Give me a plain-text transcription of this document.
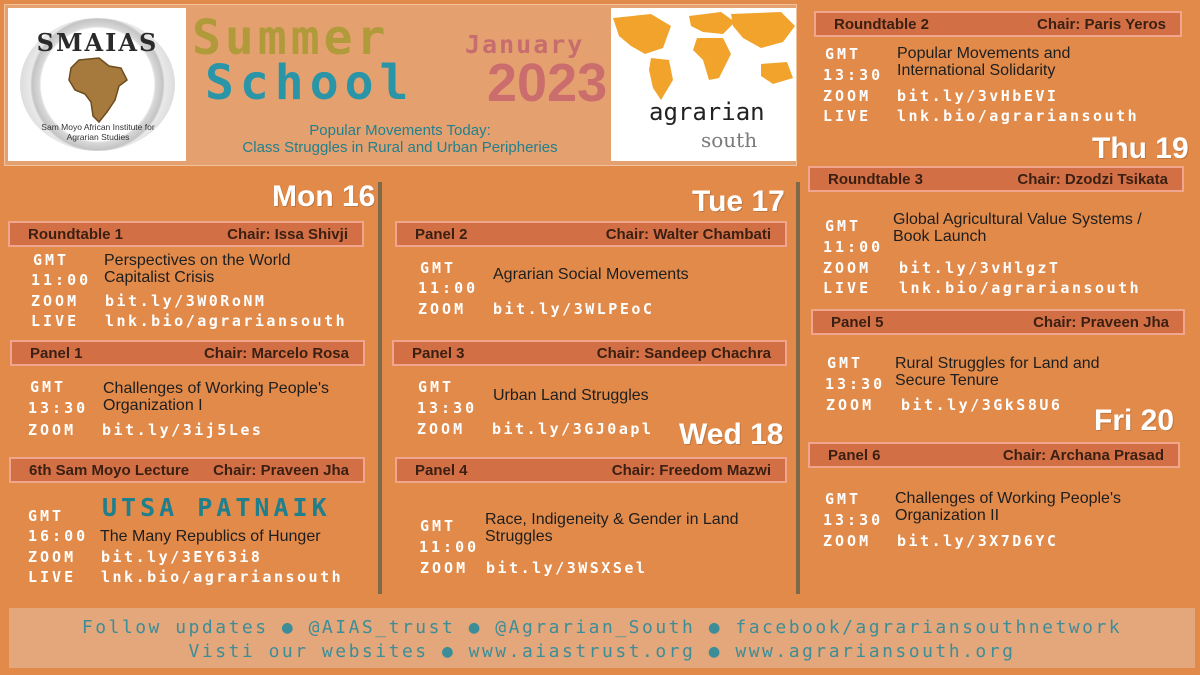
SMAIAS
Sam Moyo African Institute for Agrarian Studies
Summer
School
January
2023
Popular Movements Today:
Class Struggles in Rural and Urban Peripheries
agrarian
south
Mon 16	Tue 17
Wed 18
Thu 19
Fri 20
Roundtable 1	Chair: Issa Shivji
GMT
11:00
Perspectives on the World
Capitalist Crisis
ZOOM bit.ly/3W0RoNM
LIVE lnk.bio/agrariansouth
Panel 1	Chair: Marcelo Rosa
GMT
13:30
Challenges of Working People's
Organization I
ZOOM bit.ly/3ij5Les
6th Sam Moyo Lecture Chair: Praveen Jha
UTSA PATNAIK
GMT
16:00 The Many Republics of Hunger
ZOOM bit.ly/3EY63i8
LIVE lnk.bio/agrariansouth
Panel 2	Chair: Walter Chambati
GMT
11:00
Agrarian Social Movements
ZOOM bit.ly/3WLPEoC
Panel 3	Chair: Sandeep Chachra
GMT
13:30
Urban Land Struggles
ZOOM bit.ly/3GJ0apl
Panel 4	Chair: Freedom Mazwi
GMT
11:00
Race, Indigeneity & Gender in Land
Struggles
ZOOM bit.ly/3WSXSel
Roundtable 2	Chair: Paris Yeros
GMT
13:30
Popular Movements and
International Solidarity
ZOOM bit.ly/3vHbEVI
LIVE lnk.bio/agrariansouth
Roundtable 3	Chair: Dzodzi Tsikata
GMT
11:00
Global Agricultural Value Systems /
Book Launch
ZOOM bit.ly/3vHlgzT
LIVE lnk.bio/agrariansouth
Panel 5	Chair: Praveen Jha
GMT
13:30
Rural Struggles for Land and
Secure Tenure
ZOOM bit.ly/3GkS8U6
Panel 6	Chair: Archana Prasad
GMT
13:30
Challenges of Working People's
Organization II
ZOOM bit.ly/3X7D6YC
Follow updates ● @AIAS_trust ● @Agrarian_South ● facebook/agrariansouthnetwork
Visti our websites ● www.aiastrust.org ● www.agrariansouth.org
